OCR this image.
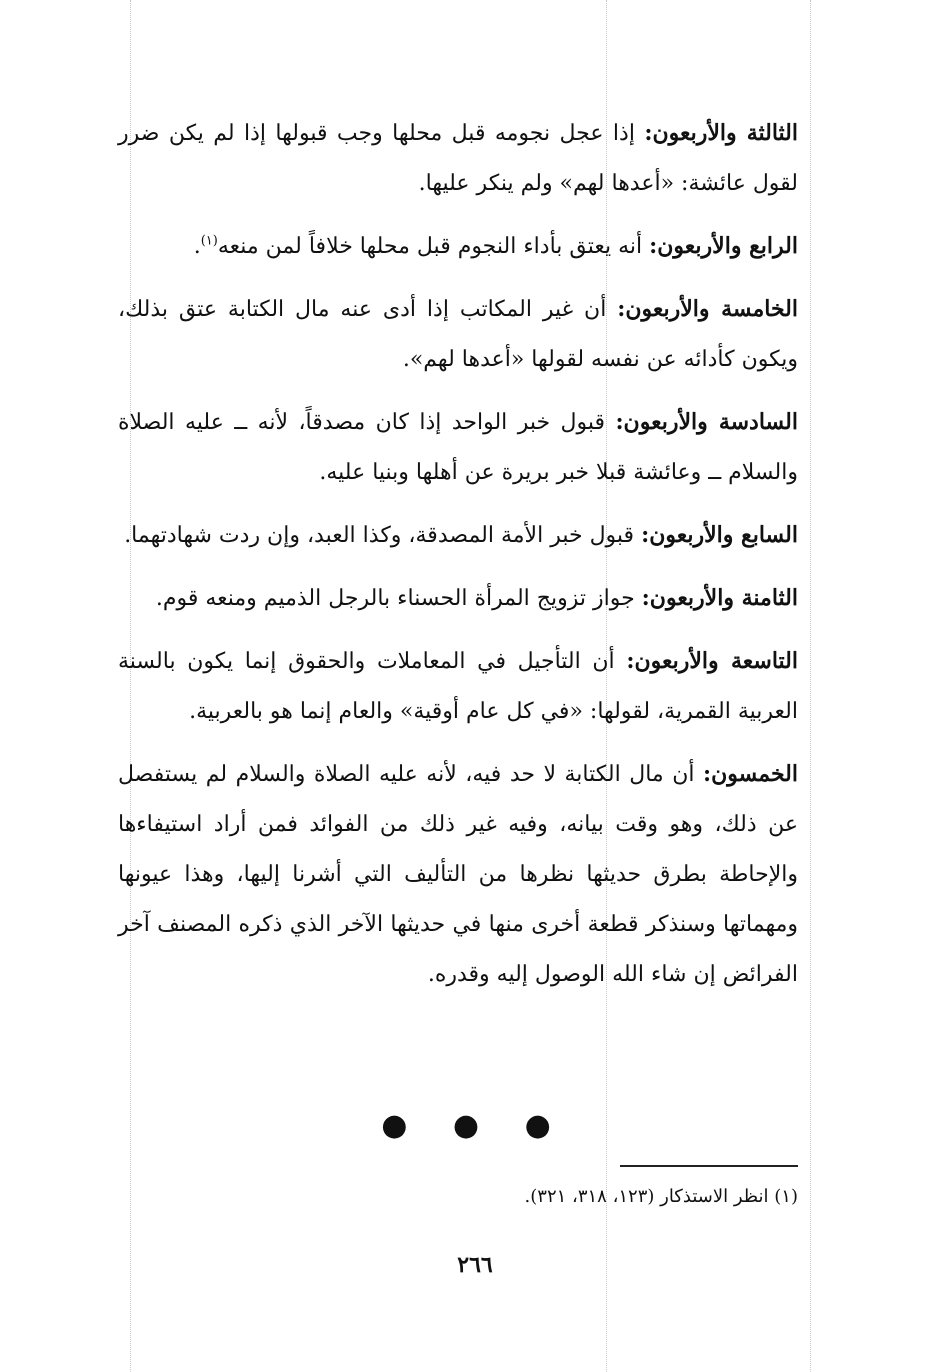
الثالثة والأربعون: إذا عجل نجومه قبل محلها وجب قبولها إذا لم يكن ضرر لقول عائشة: «أعدها لهم» ولم ينكر عليها.

الرابع والأربعون: أنه يعتق بأداء النجوم قبل محلها خلافاً لمن منعه$^{(١)}$.

الخامسة والأربعون: أن غير المكاتب إذا أدى عنه مال الكتابة عتق بذلك، ويكون كأدائه عن نفسه لقولها «أعدها لهم».

السادسة والأربعون: قبول خبر الواحد إذا كان مصدقاً، لأنه ــ عليه الصلاة والسلام ــ وعائشة قبلا خبر بريرة عن أهلها وبنيا عليه.

السابع والأربعون: قبول خبر الأمة المصدقة، وكذا العبد، وإن ردت شهادتهما.

الثامنة والأربعون: جواز تزويج المرأة الحسناء بالرجل الذميم ومنعه قوم.

التاسعة والأربعون: أن التأجيل في المعاملات والحقوق إنما يكون بالسنة العربية القمرية، لقولها: «في كل عام أوقية» والعام إنما هو بالعربية.

الخمسون: أن مال الكتابة لا حد فيه، لأنه عليه الصلاة والسلام لم يستفصل عن ذلك، وهو وقت بيانه، وفيه غير ذلك من الفوائد فمن أراد استيفاءها والإحاطة بطرق حديثها نظرها من التأليف التي أشرنا إليها، وهذا عيونها ومهماتها وسنذكر قطعة أخرى منها في حديثها الآخر الذي ذكره المصنف آخر الفرائض إن شاء الله الوصول إليه وقدره.

● ● ●
(١) انظر الاستذكار (١٢٣، ٣١٨، ٣٢١).
٢٦٦
